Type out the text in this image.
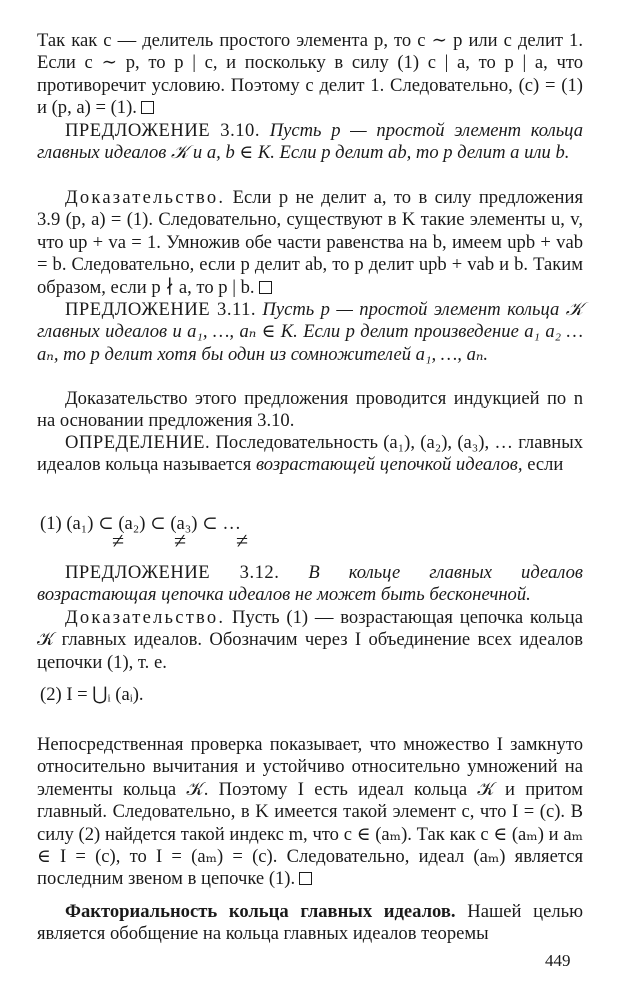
Так как c — делитель простого элемента p, то c ∼ p или c делит 1. Если c ∼ p, то p | c, и поскольку в силу (1) c | a, то p | a, что противоречит условию. Поэтому c делит 1. Следовательно, (c) = (1) и (p, a) = (1).

ПРЕДЛОЖЕНИЕ 3.10. Пусть p — простой элемент кольца главных идеалов 𝒦 и a, b ∈ K. Если p делит ab, то p делит a или b.

Доказательство. Если p не делит a, то в силу предложения 3.9 (p, a) = (1). Следовательно, существуют в K такие элементы u, v, что up + va = 1. Умножив обе части равенства на b, имеем upb + vab = b. Следовательно, если p делит ab, то p делит upb + vab и b. Таким образом, если p ∤ a, то p | b.

ПРЕДЛОЖЕНИЕ 3.11. Пусть p — простой элемент кольца 𝒦 главных идеалов и a₁, …, aₙ ∈ K. Если p делит произведение a₁ a₂ … aₙ, то p делит хотя бы один из сомножителей a₁, …, aₙ.

Доказательство этого предложения проводится индукцией по n на основании предложения 3.10.

ОПРЕДЕЛЕНИЕ. Последовательность (a₁), (a₂), (a₃), … главных идеалов кольца называется возрастающей цепочкой идеалов, если

(1) (a₁) ⊂ (a₂) ⊂ (a₃) ⊂ …
≠ ≠ ≠

ПРЕДЛОЖЕНИЕ 3.12. В кольце главных идеалов возрастающая цепочка идеалов не может быть бесконечной.

Доказательство. Пусть (1) — возрастающая цепочка кольца 𝒦 главных идеалов. Обозначим через I объединение всех идеалов цепочки (1), т. е.

(2) I = ⋃ᵢ (aᵢ).

Непосредственная проверка показывает, что множество I замкнуто относительно вычитания и устойчиво относительно умножений на элементы кольца 𝒦. Поэтому I есть идеал кольца 𝒦 и притом главный. Следовательно, в K имеется такой элемент c, что I = (c). В силу (2) найдется такой индекс m, что c ∈ (aₘ). Так как c ∈ (aₘ) и aₘ ∈ I = (c), то I = (aₘ) = (c). Следовательно, идеал (aₘ) является последним звеном в цепочке (1).

Факториальность кольца главных идеалов. Нашей целью является обобщение на кольца главных идеалов теоремы

449
